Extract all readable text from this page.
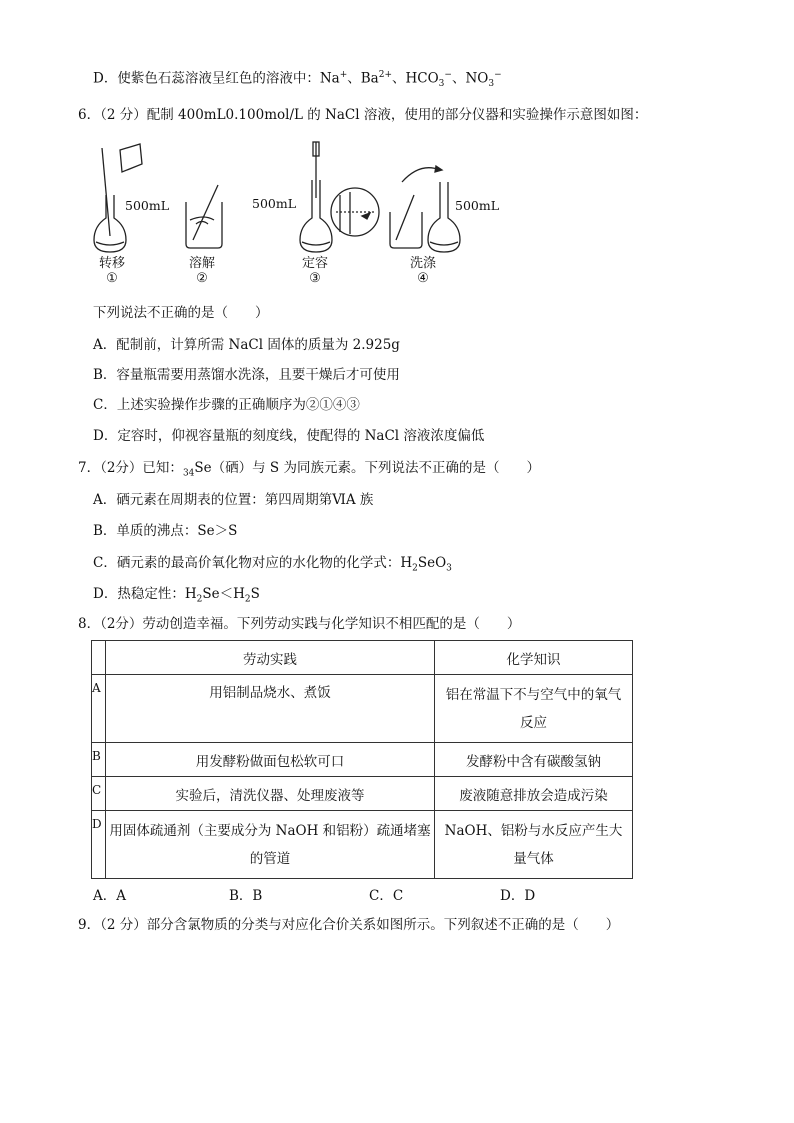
D．使紫色石蕊溶液呈红色的溶液中：Na+、$Ba^{2+}$、$HCO_3^-$、$NO_3^-$
6．（2 分）配制 400mL0.100mol/L 的 NaCl 溶液，使用的部分仪器和实验操作示意图如图：
500mL	500mL	500mL
转移	溶解	定容	洗涤
①	②	③	④
下列说法不正确的是（　　）
A．配制前，计算所需 NaCl 固体的质量为 2.925g
B．容量瓶需要用蒸馏水洗涤，且要干燥后才可使用
C．上述实验操作步骤的正确顺序为②①④③
D．定容时，仰视容量瓶的刻度线，使配得的 NaCl 溶液浓度偏低
7．（2分）已知：$_{34}$Se（硒）与 S 为同族元素。下列说法不正确的是（　　）
A．硒元素在周期表的位置：第四周期第ⅥA 族
B．单质的沸点：Se＞S
C．硒元素的最高价氧化物对应的水化物的化学式：$H_2SeO_3$
D．热稳定性：$H_2Se<H_2S$
8．（2分）劳动创造幸福。下列劳动实践与化学知识不相匹配的是（　　）
	劳动实践	化学知识
A	用铝制品烧水、煮饭	铝在常温下不与空气中的氧气反应

B	用发酵粉做面包松软可口	发酵粉中含有碳酸氢钠
C	实验后，清洗仪器、处理废液等	废液随意排放会造成污染
D	用固体疏通剂（主要成分为 NaOH 和铝粉）疏通堵塞的管道	NaOH、铝粉与水反应产生大量气体
A．A	B．B	C．C	D．D
9．（2 分）部分含氯物质的分类与对应化合价关系如图所示。下列叙述不正确的是（　　）
